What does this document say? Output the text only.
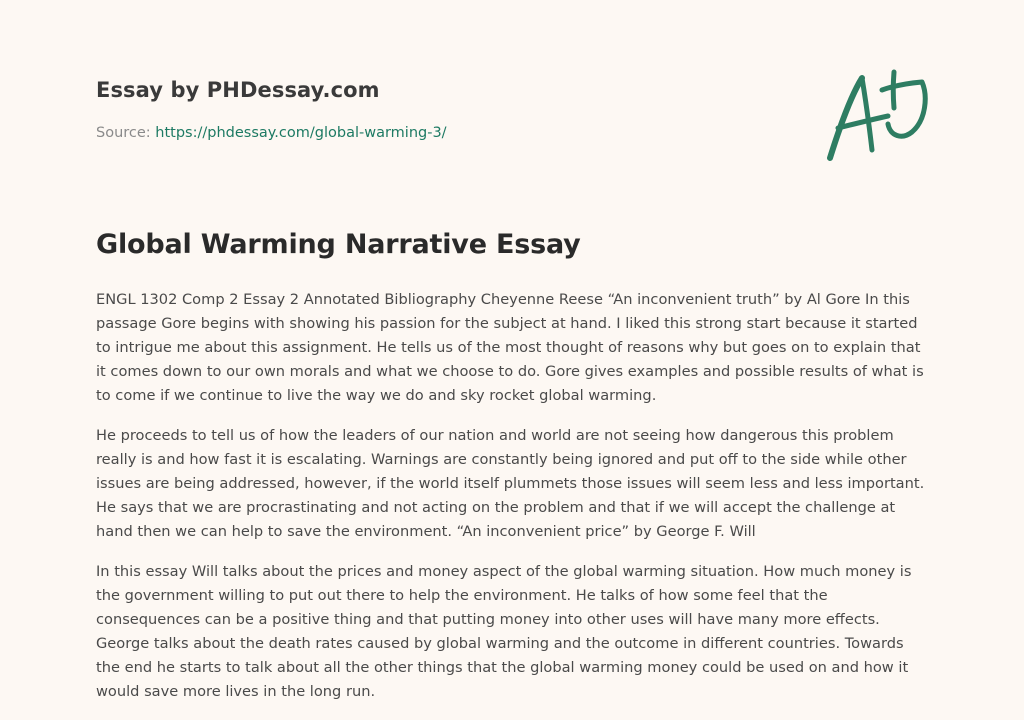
Essay by PHDessay.com
Source: https://phdessay.com/global-warming-3/
Global Warming Narrative Essay

ENGL 1302 Comp 2 Essay 2 Annotated Bibliography Cheyenne Reese “An inconvenient truth” by Al Gore In this passage Gore begins with showing his passion for the subject at hand. I liked this strong start because it started to intrigue me about this assignment. He tells us of the most thought of reasons why but goes on to explain that it comes down to our own morals and what we choose to do. Gore gives examples and possible results of what is to come if we continue to live the way we do and sky rocket global warming.

He proceeds to tell us of how the leaders of our nation and world are not seeing how dangerous this problem really is and how fast it is escalating. Warnings are constantly being ignored and put off to the side while other issues are being addressed, however, if the world itself plummets those issues will seem less and less important. He says that we are procrastinating and not acting on the problem and that if we will accept the challenge at hand then we can help to save the environment. “An inconvenient price” by George F. Will

In this essay Will talks about the prices and money aspect of the global warming situation. How much money is the government willing to put out there to help the environment. He talks of how some feel that the consequences can be a positive thing and that putting money into other uses will have many more effects. George talks about the death rates caused by global warming and the outcome in different countries. Towards the end he starts to talk about all the other things that the global warming money could be used on and how it would save more lives in the long run.
